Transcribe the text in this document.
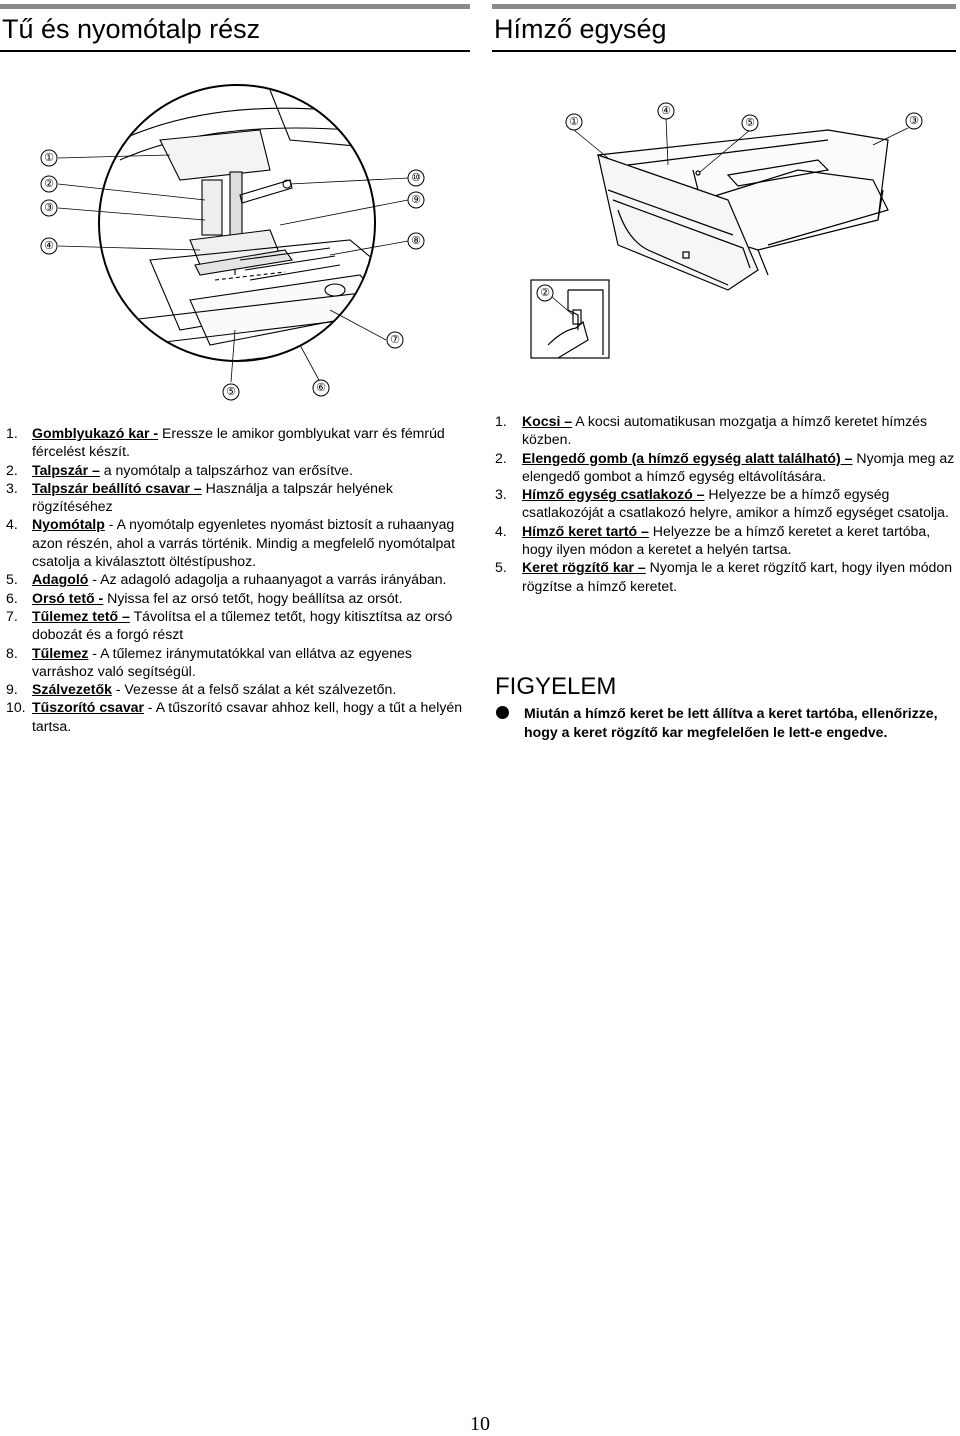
Tű és nyomótalp rész
①
②
③
④
⑤	⑥
⑦
⑧
⑨
⑩
1.	Gomblyukazó kar - Eressze le amikor gomblyukat varr és fémrúd fércelést készít.
2.	Talpszár – a nyomótalp a talpszárhoz van erősítve.
3.	Talpszár beállító csavar – Használja a talpszár helyének rögzítéséhez
4.	Nyomótalp - A nyomótalp egyenletes nyomást biztosít a ruhaanyag azon részén, ahol a varrás történik. Mindig a megfelelő nyomótalpat csatolja a kiválasztott öltéstípushoz.
5.	Adagoló - Az adagoló adagolja a ruhaanyagot a varrás irányában.
6.	Orsó tető - Nyissa fel az orsó tetőt, hogy beállítsa az orsót.
7.	Tűlemez tető – Távolítsa el a tűlemez tetőt, hogy kitisztítsa az orsó dobozát és a forgó részt
8.	Tűlemez - A tűlemez iránymutatókkal van ellátva az egyenes varráshoz való segítségül.
9.	Szálvezetők - Vezesse át a felső szálat a két szálvezetőn.
10. Tűszorító csavar - A tűszorító csavar ahhoz kell, hogy a tűt a helyén tartsa.
Hímző egység
①
④
⑤	③
②
1.	Kocsi – A kocsi automatikusan mozgatja a hímző keretet hímzés közben.
2.	Elengedő gomb (a hímző egység alatt található) – Nyomja meg az elengedő gombot a hímző egység eltávolítására.
3.	Hímző egység csatlakozó – Helyezze be a hímző egység csatlakozóját a csatlakozó helyre, amikor a hímző egységet csatolja.
4.	Hímző keret tartó – Helyezze be a hímző keretet a keret tartóba, hogy ilyen módon a keretet a helyén tartsa.
5.	Keret rögzítő kar – Nyomja le a keret rögzítő kart, hogy ilyen módon rögzítse a hímző keretet.
FIGYELEM
Miután a hímző keret be lett állítva a keret tartóba, ellenőrizze, hogy a keret rögzítő kar megfelelően le lett-e engedve.
10
